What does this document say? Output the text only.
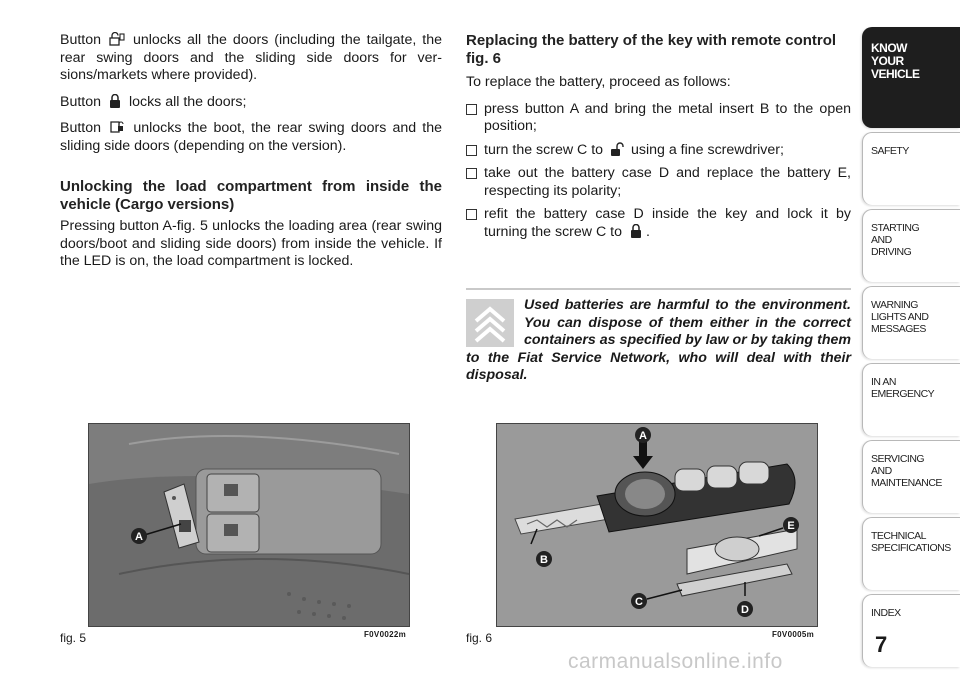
Button unlocks all the doors (including the tailgate, the rear swing doors and the sliding side doors for versions/markets where provided).

Button locks all the doors;

Button unlocks the boot, the rear swing doors and the sliding side doors (depending on the version).

Unlocking the load compartment from inside the vehicle (Cargo versions)

Pressing button A-fig. 5 unlocks the loading area (rear swing doors/boot and sliding side doors) from inside the vehicle. If the LED is on, the load compartment is locked.

Replacing the battery of the key with remote control fig. 6

To replace the battery, proceed as follows:

press button A and bring the metal insert B to the open position;
turn the screw C to using a fine screwdriver;
take out the battery case D and replace the battery E, respecting its polarity;
refit the battery case D inside the key and lock it by turning the screw C to .
Used batteries are harmful to the environment. You can dispose of them either in the correct containers as specified by law or by taking them to the Fiat Service Network, who will deal with their disposal.
A
fig. 5	F0V0022m
A
B
C
D
E
fig. 6	F0V0005m
KNOW
YOUR
VEHICLE
SAFETY
STARTING
AND
DRIVING
WARNING
LIGHTS AND
MESSAGES
IN AN
EMERGENCY
SERVICING
AND
MAINTENANCE
TECHNICAL
SPECIFICATIONS
INDEX
7
carmanualsonline.info
